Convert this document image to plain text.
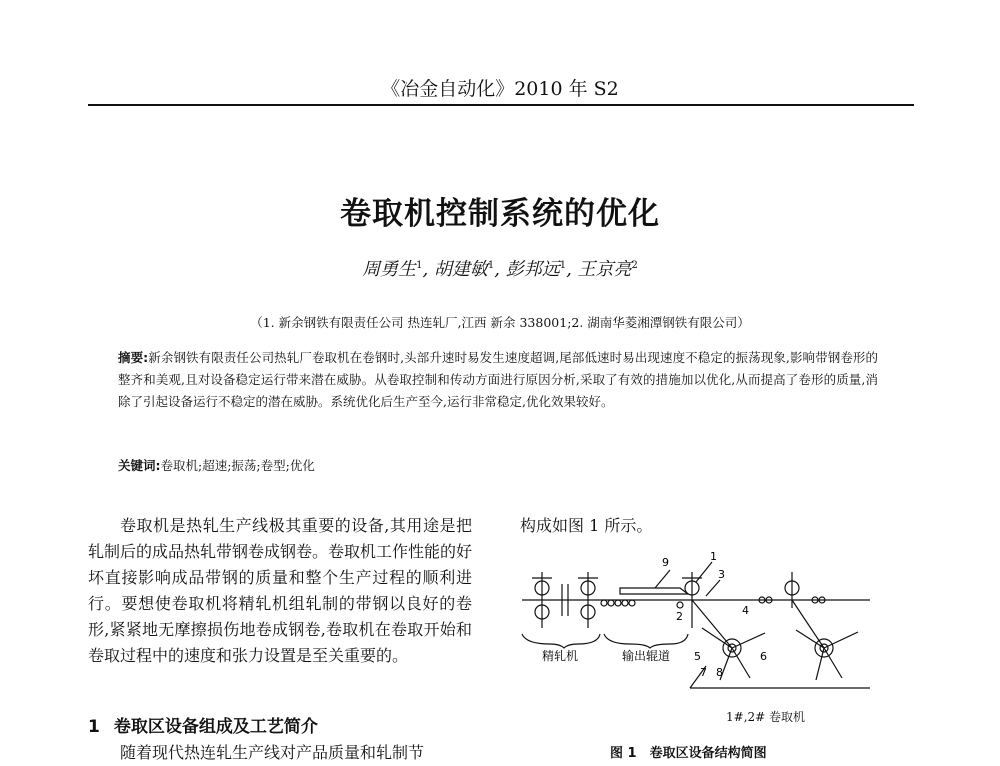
《冶金自动化》2010 年 S2
卷取机控制系统的优化
周勇生$^1$, 胡建敏$^1$, 彭邦远$^1$, 王京亮$^2$
（1. 新余钢铁有限责任公司 热连轧厂,江西 新余 338001;2. 湖南华菱湘潭钢铁有限公司）
摘要:新余钢铁有限责任公司热轧厂卷取机在卷钢时,头部升速时易发生速度超调,尾部低速时易出现速度不稳定的振荡现象,影响带钢卷形的整齐和美观,且对设备稳定运行带来潜在威胁。从卷取控制和传动方面进行原因分析,采取了有效的措施加以优化,从而提高了卷形的质量,消除了引起设备运行不稳定的潜在威胁。系统优化后生产至今,运行非常稳定,优化效果较好。
关键词:卷取机;超速;振荡;卷型;优化

卷取机是热轧生产线极其重要的设备,其用途是把轧制后的成品热轧带钢卷成钢卷。卷取机工作性能的好坏直接影响成品带钢的质量和整个生产过程的顺利进行。要想使卷取机将精轧机组轧制的带钢以良好的卷形,紧紧地无摩擦损伤地卷成钢卷,卷取机在卷取开始和卷取过程中的速度和张力设置是至关重要的。

1 卷取区设备组成及工艺简介
随着现代热连轧生产线对产品质量和轧制节
构成如图 1 所示。
9	1
3
2	4
5	6
7 8
精轧机	输出辊道
1#,2# 卷取机
图 1　卷取区设备结构简图
